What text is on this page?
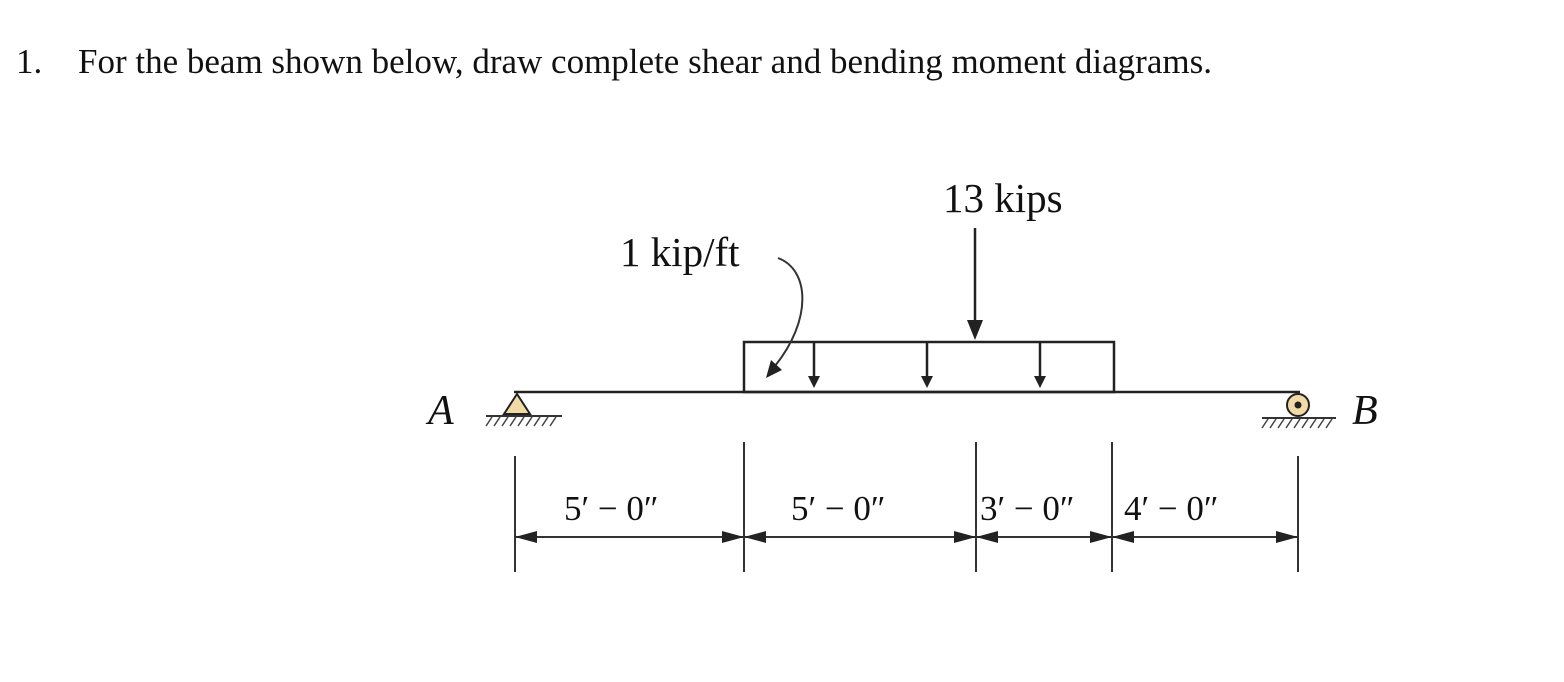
1. For the beam shown below, draw complete shear and bending moment diagrams.
1 kip/ft
13 kips
A	B
5′ − 0″	5′ − 0″	3′ − 0″ 4′ − 0″
